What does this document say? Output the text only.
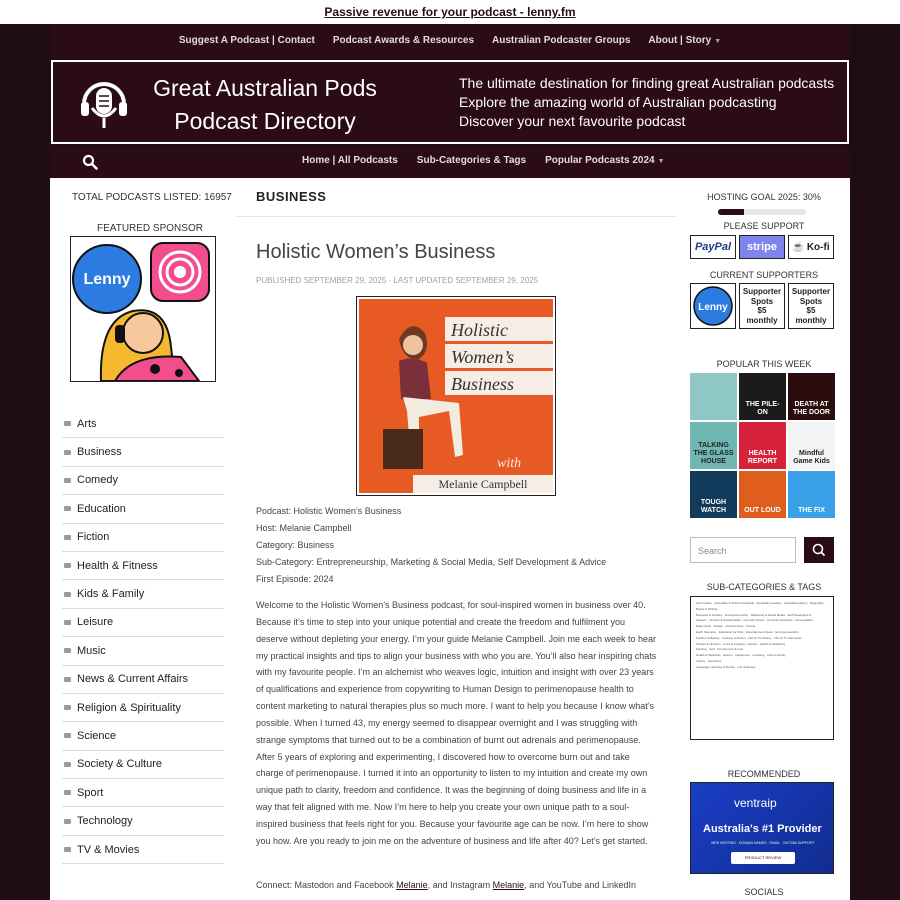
Passive revenue for your podcast - lenny.fm
Suggest A Podcast | Contact	Podcast Awards & Resources	Australian Podcaster Groups	About | Story ▼
Great Australian Pods
Podcast Directory
The ultimate destination for finding great Australian podcasts
Explore the amazing world of Australian podcasting
Discover your next favourite podcast
Home | All Podcasts	Sub-Categories & Tags	Popular Podcasts 2024 ▼
TOTAL PODCASTS LISTED: 16957
FEATURED SPONSOR
Lenny
Arts
Business
Comedy
Education
Fiction
Health & Fitness
Kids & Family
Leisure
Music
News & Current Affairs
Religion & Spirituality
Science
Society & Culture
Sport
Technology
TV & Movies
BUSINESS
Holistic Women’s Business
PUBLISHED SEPTEMBER 29, 2025 · LAST UPDATED SEPTEMBER 29, 2025
Holistic
Women’s
Business
with
Melanie Campbell
Podcast: Holistic Women’s Business
Host: Melanie Campbell
Category: Business
Sub-Category: Entrepreneurship, Marketing & Social Media, Self Development & Advice
First Episode: 2024
Welcome to the Holistic Women’s Business podcast, for soul-inspired women in business over 40. Because it’s time to step into your unique potential and create the freedom and fulfilment you deserve without depleting your energy. I’m your guide Melanie Campbell. Join me each week to hear my practical insights and tips to align your business with who you are. You’ll also hear inspiring chats with my favourite people. I’m an alchemist who weaves logic, intuition and insight with over 23 years of qualifications and experience from copywriting to Human Design to perimenopause health to content marketing to natural therapies plus so much more. I want to help you because I know what’s possible. When I turned 43, my energy seemed to disappear overnight and I was struggling with strange symptoms that turned out to be a combination of burnt out adrenals and perimenopause. After 5 years of exploring and experimenting, I discovered how to overcome burn out and take charge of perimenopause. I turned it into an opportunity to listen to my intuition and create my own unique path to clarity, freedom and confidence. It was the beginning of doing business and life in a way that felt aligned with me. Now I’m here to help you create your own unique path to a soul-inspired business that feels right for you. Because your favourite age can be now. I’m here to show you how. Are you ready to join me on the adventure of business and life after 40? Let’s get started.
Connect: Mastodon and Facebook Melanie, and Instagram Melanie, and YouTube and LinkedIn
HOSTING GOAL 2025: 30%
PLEASE SUPPORT
PayPal	stripe	☕ Ko-fi
CURRENT SUPPORTERS
Lenny
Supporter
Spots
$5
monthly
Supporter
Spots
$5
monthly
POPULAR THIS WEEK
THE PILE-ON
DEATH AT THE DOOR
TALKING THE GLASS HOUSE
HEALTH REPORT
Mindful Game Kids
TOUGH WATCH	OUT LOUD THE FIX
Search
SUB-CATEGORIES & TAGS
Arts Culture · Australian & Politics Podcasts · Australian Leaders · Australian History · Biography · Books & Writing
Business & Industry · Entrepreneurship · Marketing & Social Media · Self Development
Careers · Climate & Sustainability · Comedy Fiction · Comedy Interviews · Conversation
Daily News · Design · Documentary · Drama
Earth Sciences · Education for Kids · Entertainment News · Entrepreneurship
Fashion & Beauty · Fantasy & Fiction · Film & TV History · Film & TV Interviews
Fitness & Nutrition · Food & Cooking · Games · Health & Wellbeing
Gaming · Golf · Government & Law
Health & Wellness · History · Indigenous · Investing · Kids & Family
Improv · Interviews
Language Learning & Stories · Life Sciences
RECOMMENDED
ventraip
Australia's #1 Provider
WEB HOSTING · DOMAIN NAMES · EMAIL · 24/7/365 SUPPORT
PRODUCT REVIEW
SOCIALS
